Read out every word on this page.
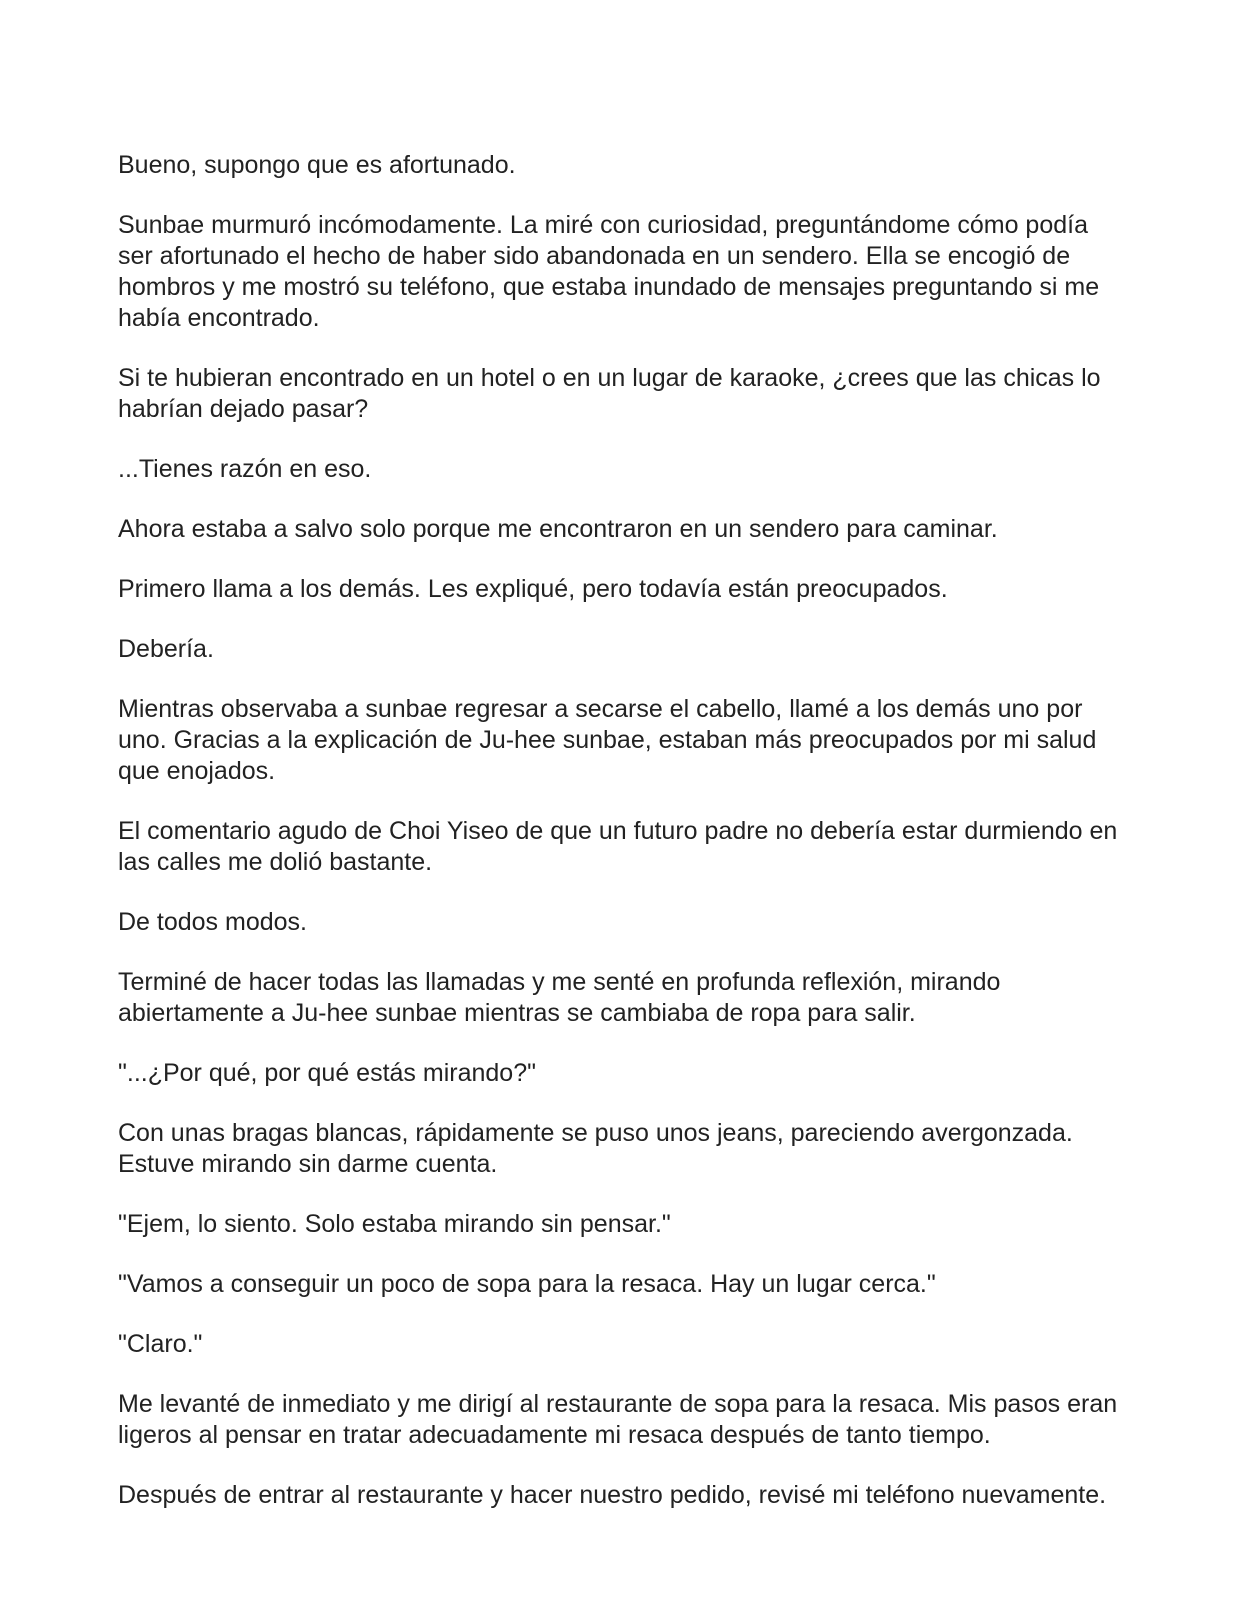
Bueno, supongo que es afortunado.

Sunbae murmuró incómodamente. La miré con curiosidad, preguntándome cómo podía ser afortunado el hecho de haber sido abandonada en un sendero. Ella se encogió de hombros y me mostró su teléfono, que estaba inundado de mensajes preguntando si me había encontrado.

Si te hubieran encontrado en un hotel o en un lugar de karaoke, ¿crees que las chicas lo habrían dejado pasar?

...Tienes razón en eso.

Ahora estaba a salvo solo porque me encontraron en un sendero para caminar.

Primero llama a los demás. Les expliqué, pero todavía están preocupados.

Debería.

Mientras observaba a sunbae regresar a secarse el cabello, llamé a los demás uno por uno. Gracias a la explicación de Ju-hee sunbae, estaban más preocupados por mi salud que enojados.

El comentario agudo de Choi Yiseo de que un futuro padre no debería estar durmiendo en las calles me dolió bastante.

De todos modos.

Terminé de hacer todas las llamadas y me senté en profunda reflexión, mirando abiertamente a Ju-hee sunbae mientras se cambiaba de ropa para salir.

"...¿Por qué, por qué estás mirando?"

Con unas bragas blancas, rápidamente se puso unos jeans, pareciendo avergonzada. Estuve mirando sin darme cuenta.

"Ejem, lo siento. Solo estaba mirando sin pensar."

"Vamos a conseguir un poco de sopa para la resaca. Hay un lugar cerca."

"Claro."

Me levanté de inmediato y me dirigí al restaurante de sopa para la resaca. Mis pasos eran ligeros al pensar en tratar adecuadamente mi resaca después de tanto tiempo.

Después de entrar al restaurante y hacer nuestro pedido, revisé mi teléfono nuevamente.
